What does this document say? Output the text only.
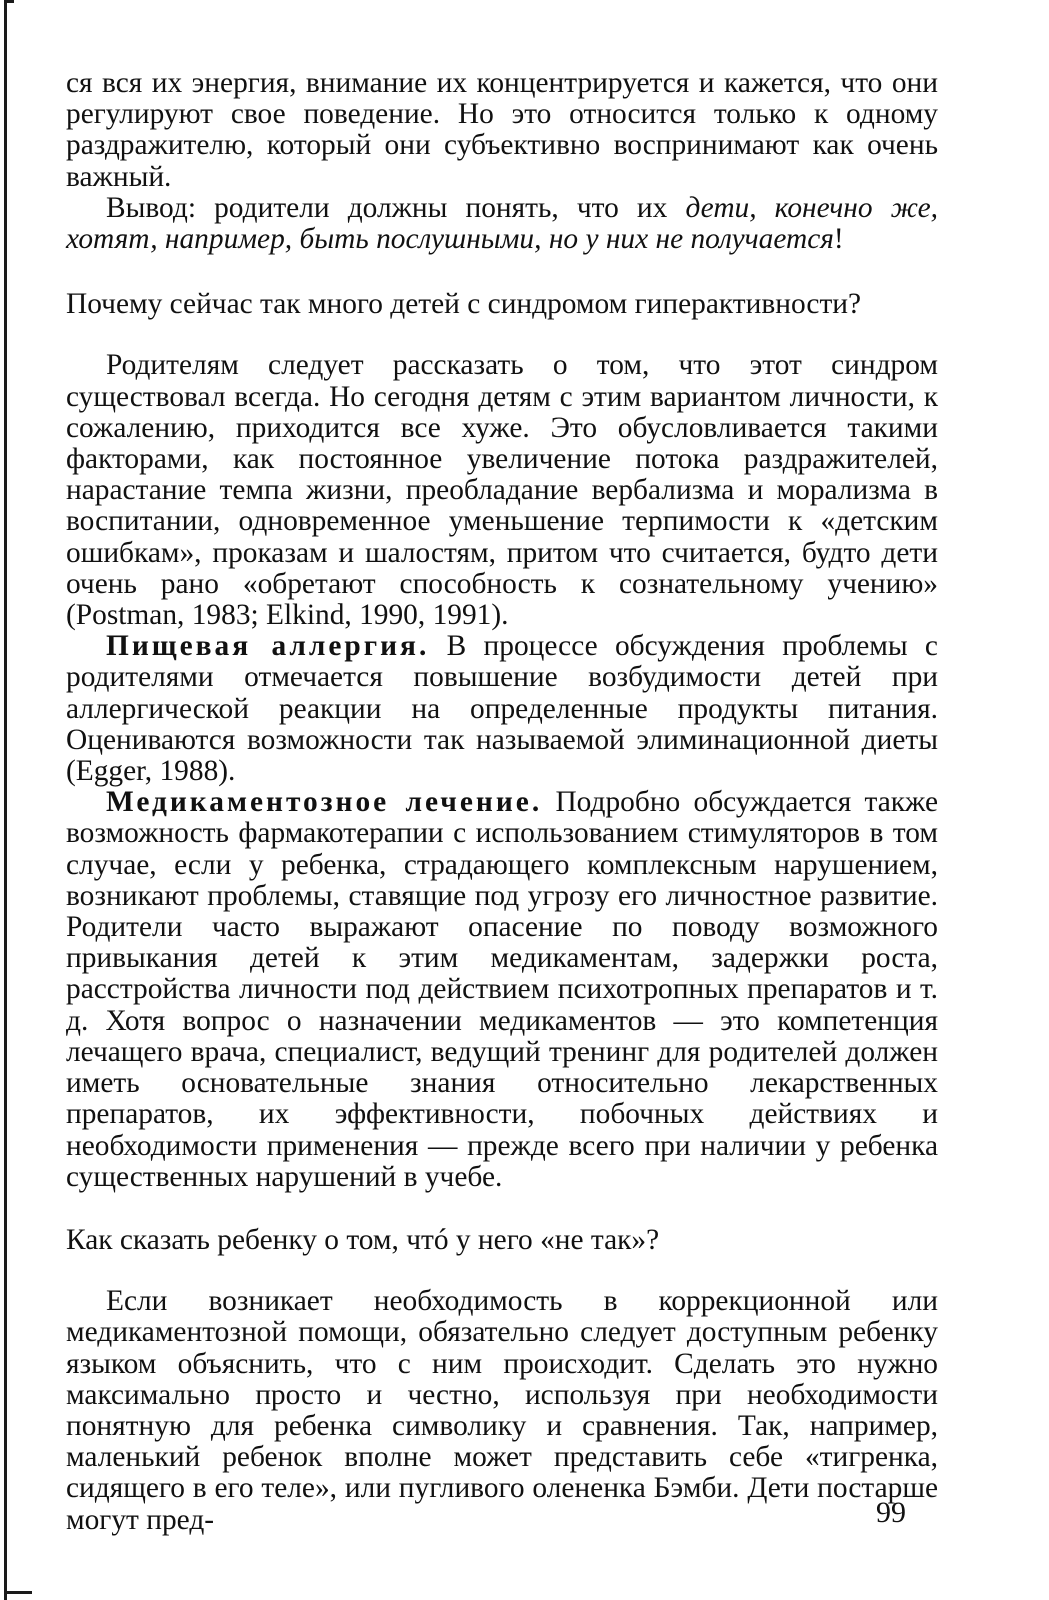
ся вся их энергия, внимание их концентрируется и кажется, что они регулируют свое поведение. Но это относится только к одному раздражителю, который они субъективно воспринимают как очень важный.

Вывод: родители должны понять, что их дети, конечно же, хотят, например, быть послушными, но у них не получается!

Почему сейчас так много детей с синдромом гиперактивности?

Родителям следует рассказать о том, что этот синдром существовал всегда. Но сегодня детям с этим вариантом личности, к сожалению, приходится все хуже. Это обусловливается такими факторами, как постоянное увеличение потока раздражителей, нарастание темпа жизни, преобладание вербализма и морализма в воспитании, одновременное уменьшение терпимости к «детским ошибкам», проказам и шалостям, притом что считается, будто дети очень рано «обретают способность к сознательному учению» (Postman, 1983; Elkind, 1990, 1991).

Пищевая аллергия. В процессе обсуждения проблемы с родителями отмечается повышение возбудимости детей при аллергической реакции на определенные продукты питания. Оцениваются возможности так называемой элиминационной диеты (Egger, 1988).

Медикаментозное лечение. Подробно обсуждается также возможность фармакотерапии с использованием стимуляторов в том случае, если у ребенка, страдающего комплексным нарушением, возникают проблемы, ставящие под угрозу его личностное развитие. Родители часто выражают опасение по поводу возможного привыкания детей к этим медикаментам, задержки роста, расстройства личности под действием психотропных препаратов и т. д. Хотя вопрос о назначении медикаментов — это компетенция лечащего врача, специалист, ведущий тренинг для родителей должен иметь основательные знания относительно лекарственных препаратов, их эффективности, побочных действиях и необходимости применения — прежде всего при наличии у ребенка существенных нарушений в учебе.

Как сказать ребенку о том, чтó у него «не так»?

Если возникает необходимость в коррекционной или медикаментозной помощи, обязательно следует доступным ребенку языком объяснить, что с ним происходит. Сделать это нужно максимально просто и честно, используя при необходимости понятную для ребенка символику и сравнения. Так, например, маленький ребенок вполне может представить себе «тигренка, сидящего в его теле», или пугливого олененка Бэмби. Дети постарше могут пред-	99
